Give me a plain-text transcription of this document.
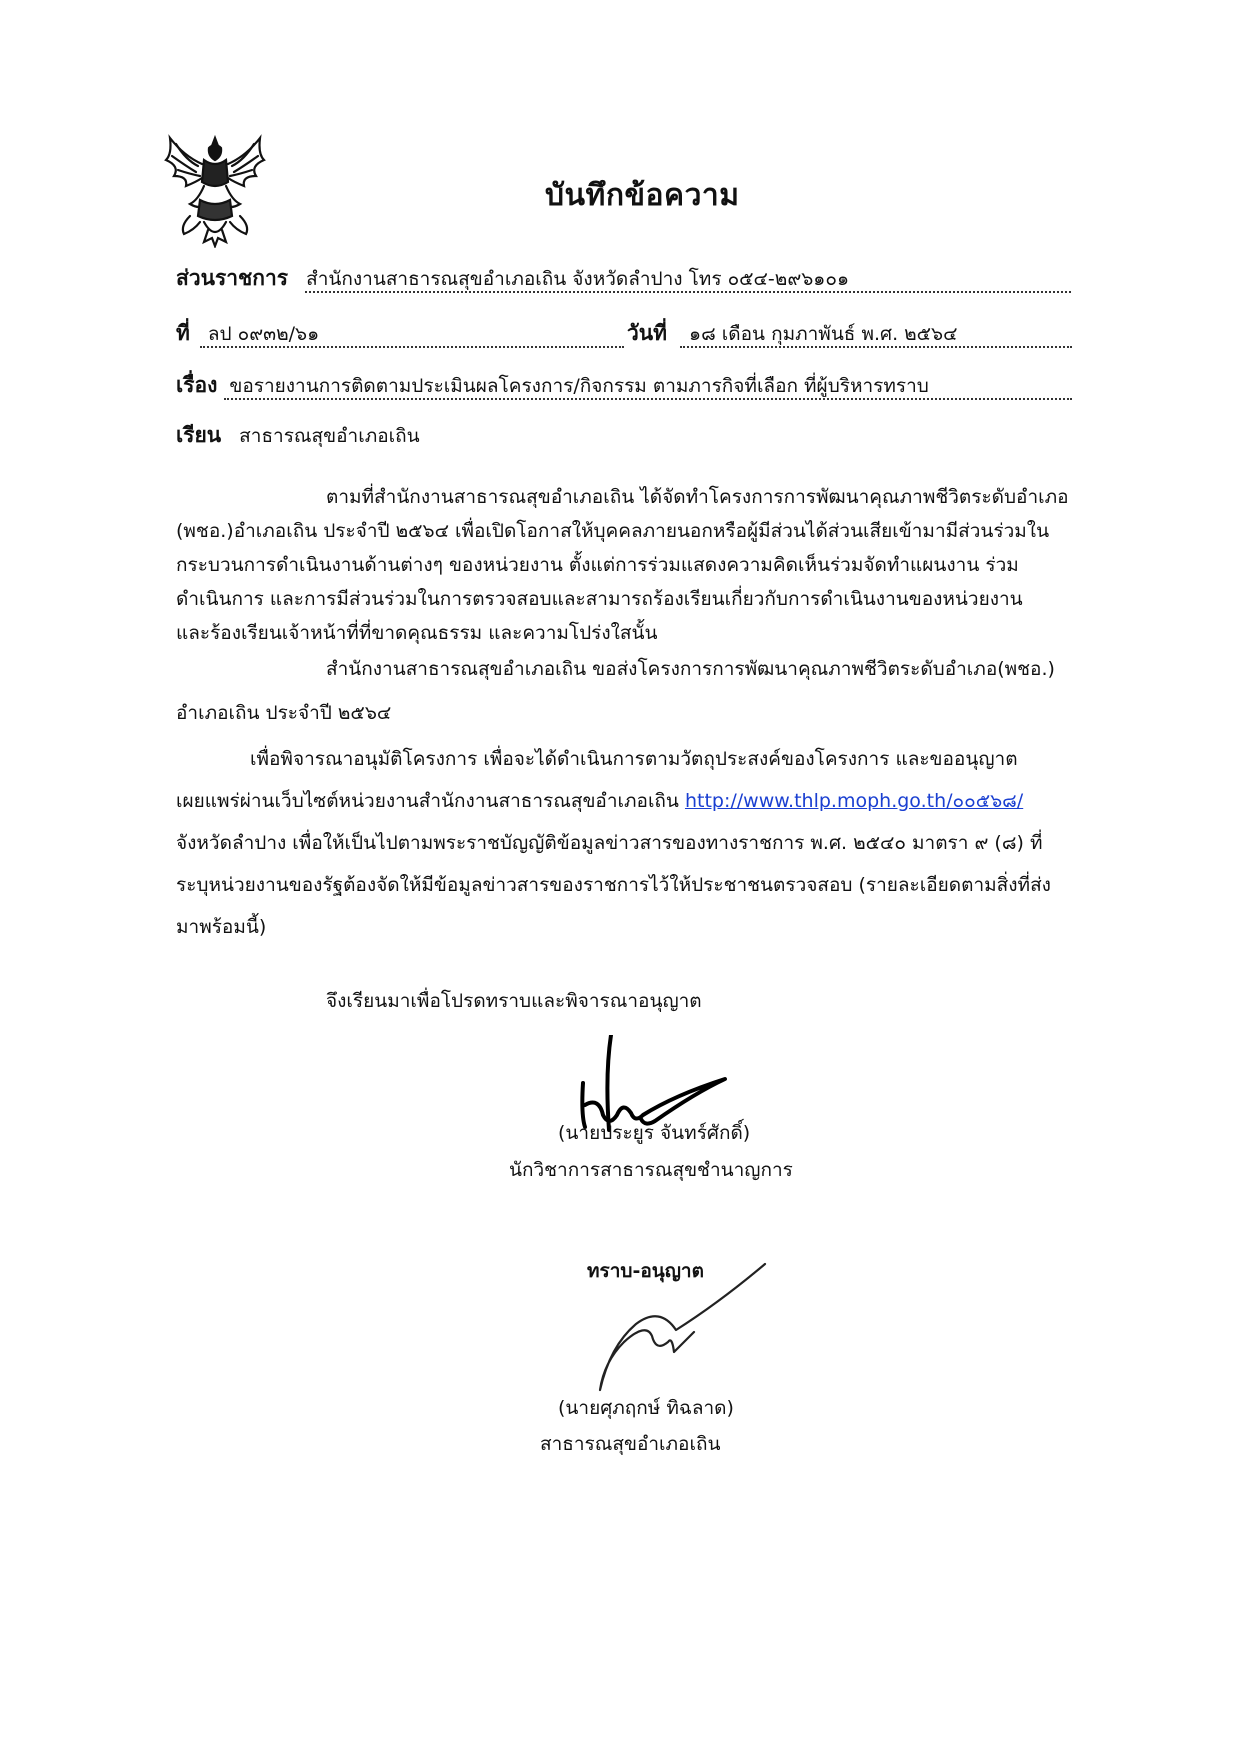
บันทึกข้อความ
ส่วนราชการ สำนักงานสาธารณสุขอำเภอเถิน จังหวัดลำปาง โทร ๐๕๔-๒๙๖๑๐๑
ที่ ลป ๐๙๓๒/๖๑	วันที่ ๑๘ เดือน กุมภาพันธ์ พ.ศ. ๒๕๖๔
เรื่อง ขอรายงานการติดตามประเมินผลโครงการ/กิจกรรม ตามภารกิจที่เลือก ที่ผู้บริหารทราบ
เรียน สาธารณสุขอำเภอเถิน
ตามที่สำนักงานสาธารณสุขอำเภอเถิน ได้จัดทำโครงการการพัฒนาคุณภาพชีวิตระดับอำเภอ
(พชอ.)อำเภอเถิน ประจำปี ๒๕๖๔ เพื่อเปิดโอกาสให้บุคคลภายนอกหรือผู้มีส่วนได้ส่วนเสียเข้ามามีส่วนร่วมใน
กระบวนการดำเนินงานด้านต่างๆ ของหน่วยงาน ตั้งแต่การร่วมแสดงความคิดเห็นร่วมจัดทำแผนงาน ร่วม
ดำเนินการ และการมีส่วนร่วมในการตรวจสอบและสามารถร้องเรียนเกี่ยวกับการดำเนินงานของหน่วยงาน
และร้องเรียนเจ้าหน้าที่ที่ขาดคุณธรรม และความโปร่งใสนั้น
สำนักงานสาธารณสุขอำเภอเถิน ขอส่งโครงการการพัฒนาคุณภาพชีวิตระดับอำเภอ(พชอ.)
อำเภอเถิน ประจำปี ๒๕๖๔
เพื่อพิจารณาอนุมัติโครงการ เพื่อจะได้ดำเนินการตามวัตถุประสงค์ของโครงการ และขออนุญาต
เผยแพร่ผ่านเว็บไซต์หน่วยงานสำนักงานสาธารณสุขอำเภอเถิน http://www.thlp.moph.go.th/๐๐๕๖๘/
จังหวัดลำปาง เพื่อให้เป็นไปตามพระราชบัญญัติข้อมูลข่าวสารของทางราชการ พ.ศ. ๒๕๔๐ มาตรา ๙ (๘) ที่
ระบุหน่วยงานของรัฐต้องจัดให้มีข้อมูลข่าวสารของราชการไว้ให้ประชาชนตรวจสอบ (รายละเอียดตามสิ่งที่ส่ง
มาพร้อมนี้)
จึงเรียนมาเพื่อโปรดทราบและพิจารณาอนุญาต
(นายประยูร จันทร์ศักดิ์)
นักวิชาการสาธารณสุขชำนาญการ
ทราบ-อนุญาต
(นายศุภฤกษ์ ทิฉลาด)
สาธารณสุขอำเภอเถิน
